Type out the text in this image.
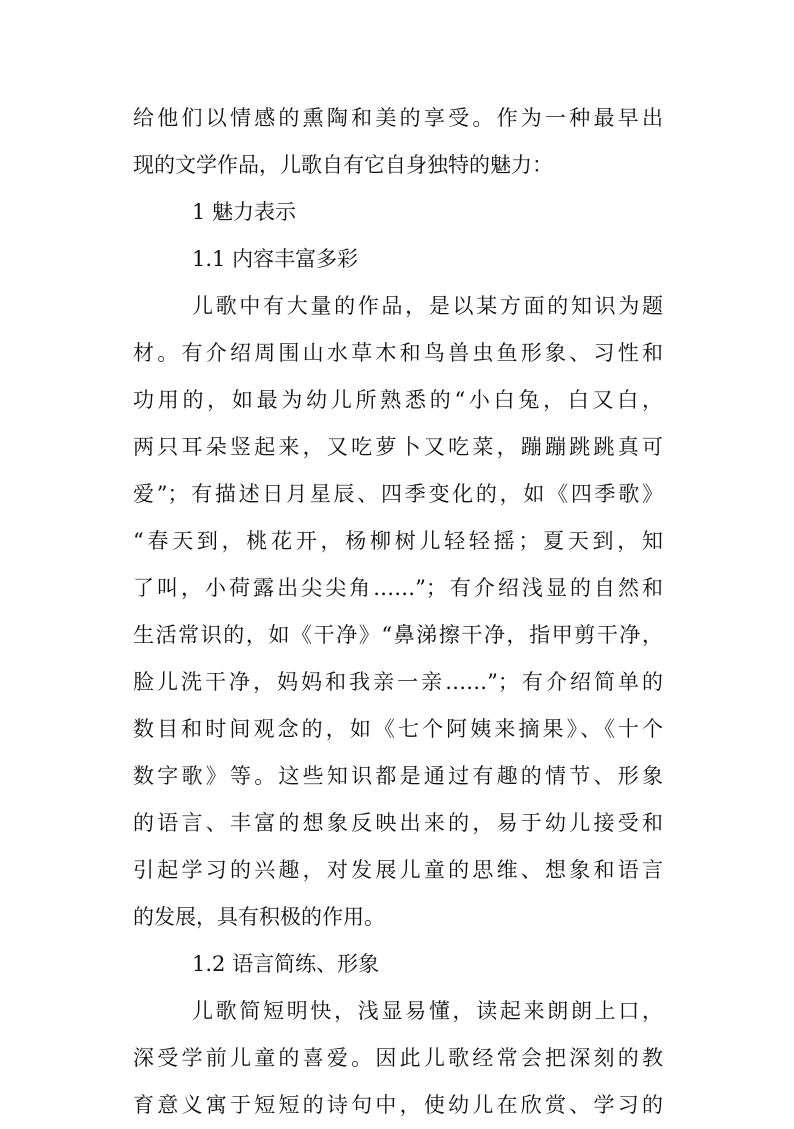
给他们以情感的熏陶和美的享受。作为一种最早出
现的文学作品，儿歌自有它自身独特的魅力：
1 魅力表示
1.1 内容丰富多彩
儿歌中有大量的作品，是以某方面的知识为题
材。有介绍周围山水草木和鸟兽虫鱼形象、习性和
功用的，如最为幼儿所熟悉的“小白兔，白又白，
两只耳朵竖起来，又吃萝卜又吃菜，蹦蹦跳跳真可
爱”；有描述日月星辰、四季变化的，如《四季歌》
“春天到，桃花开，杨柳树儿轻轻摇；夏天到，知
了叫，小荷露出尖尖角……”；有介绍浅显的自然和
生活常识的，如《干净》“鼻涕擦干净，指甲剪干净，
脸儿洗干净，妈妈和我亲一亲……”；有介绍简单的
数目和时间观念的，如《七个阿姨来摘果》、《十个
数字歌》等。这些知识都是通过有趣的情节、形象
的语言、丰富的想象反映出来的，易于幼儿接受和
引起学习的兴趣，对发展儿童的思维、想象和语言
的发展，具有积极的作用。
1.2 语言简练、形象
儿歌简短明快，浅显易懂，读起来朗朗上口，
深受学前儿童的喜爱。因此儿歌经常会把深刻的教
育意义寓于短短的诗句中，使幼儿在欣赏、学习的
